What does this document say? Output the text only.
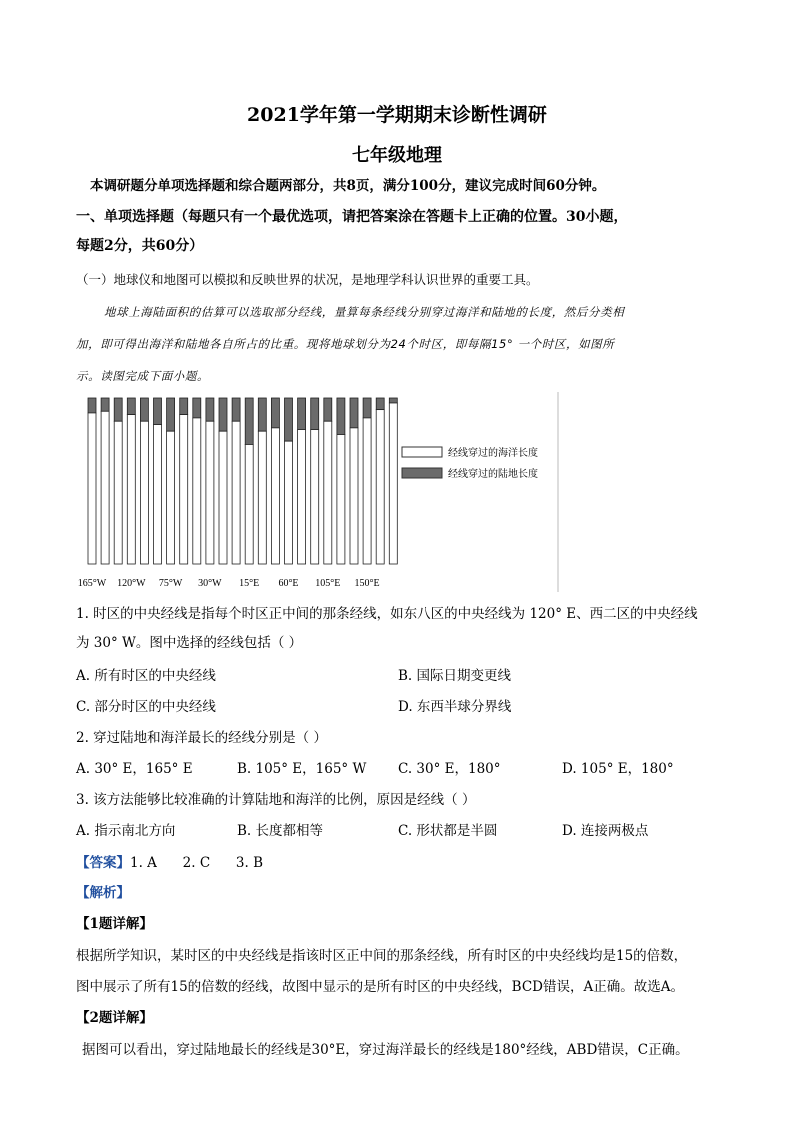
2021学年第一学期期末诊断性调研
七年级地理
本调研题分单项选择题和综合题两部分，共8页，满分100分，建议完成时间60分钟。
一、单项选择题（每题只有一个最优选项，请把答案涂在答题卡上正确的位置。30小题，
每题2分，共60分）
（一）地球仪和地图可以模拟和反映世界的状况，是地理学科认识世界的重要工具。
地球上海陆面积的估算可以选取部分经线，量算每条经线分别穿过海洋和陆地的长度，然后分类相
加，即可得出海洋和陆地各自所占的比重。现将地球划分为24个时区，即每隔15° 一个时区，如图所
示。读图完成下面小题。
165°W 120°W 75°W 30°W 15°E 60°E 105°E 150°E
经线穿过的海洋长度
经线穿过的陆地长度
1. 时区的中央经线是指每个时区正中间的那条经线，如东八区的中央经线为 120° E、西二区的中央经线
为 30° W。图中选择的经线包括（ ）
A. 所有时区的中央经线	B. 国际日期变更线
C. 部分时区的中央经线	D. 东西半球分界线
2. 穿过陆地和海洋最长的经线分别是（ ）
A. 30° E，165° E	B. 105° E，165° W C. 30° E，180°	D. 105° E，180°
3. 该方法能够比较准确的计算陆地和海洋的比例，原因是经线（ ）
A. 指示南北方向	B. 长度都相等	C. 形状都是半圆	D. 连接两极点
【答案】1. A      2. C      3. B
【解析】
【1题详解】
根据所学知识，某时区的中央经线是指该时区正中间的那条经线，所有时区的中央经线均是15的倍数，
图中展示了所有15的倍数的经线，故图中显示的是所有时区的中央经线，BCD错误，A正确。故选A。
【2题详解】
据图可以看出，穿过陆地最长的经线是30°E，穿过海洋最长的经线是180°经线，ABD错误，C正确。
